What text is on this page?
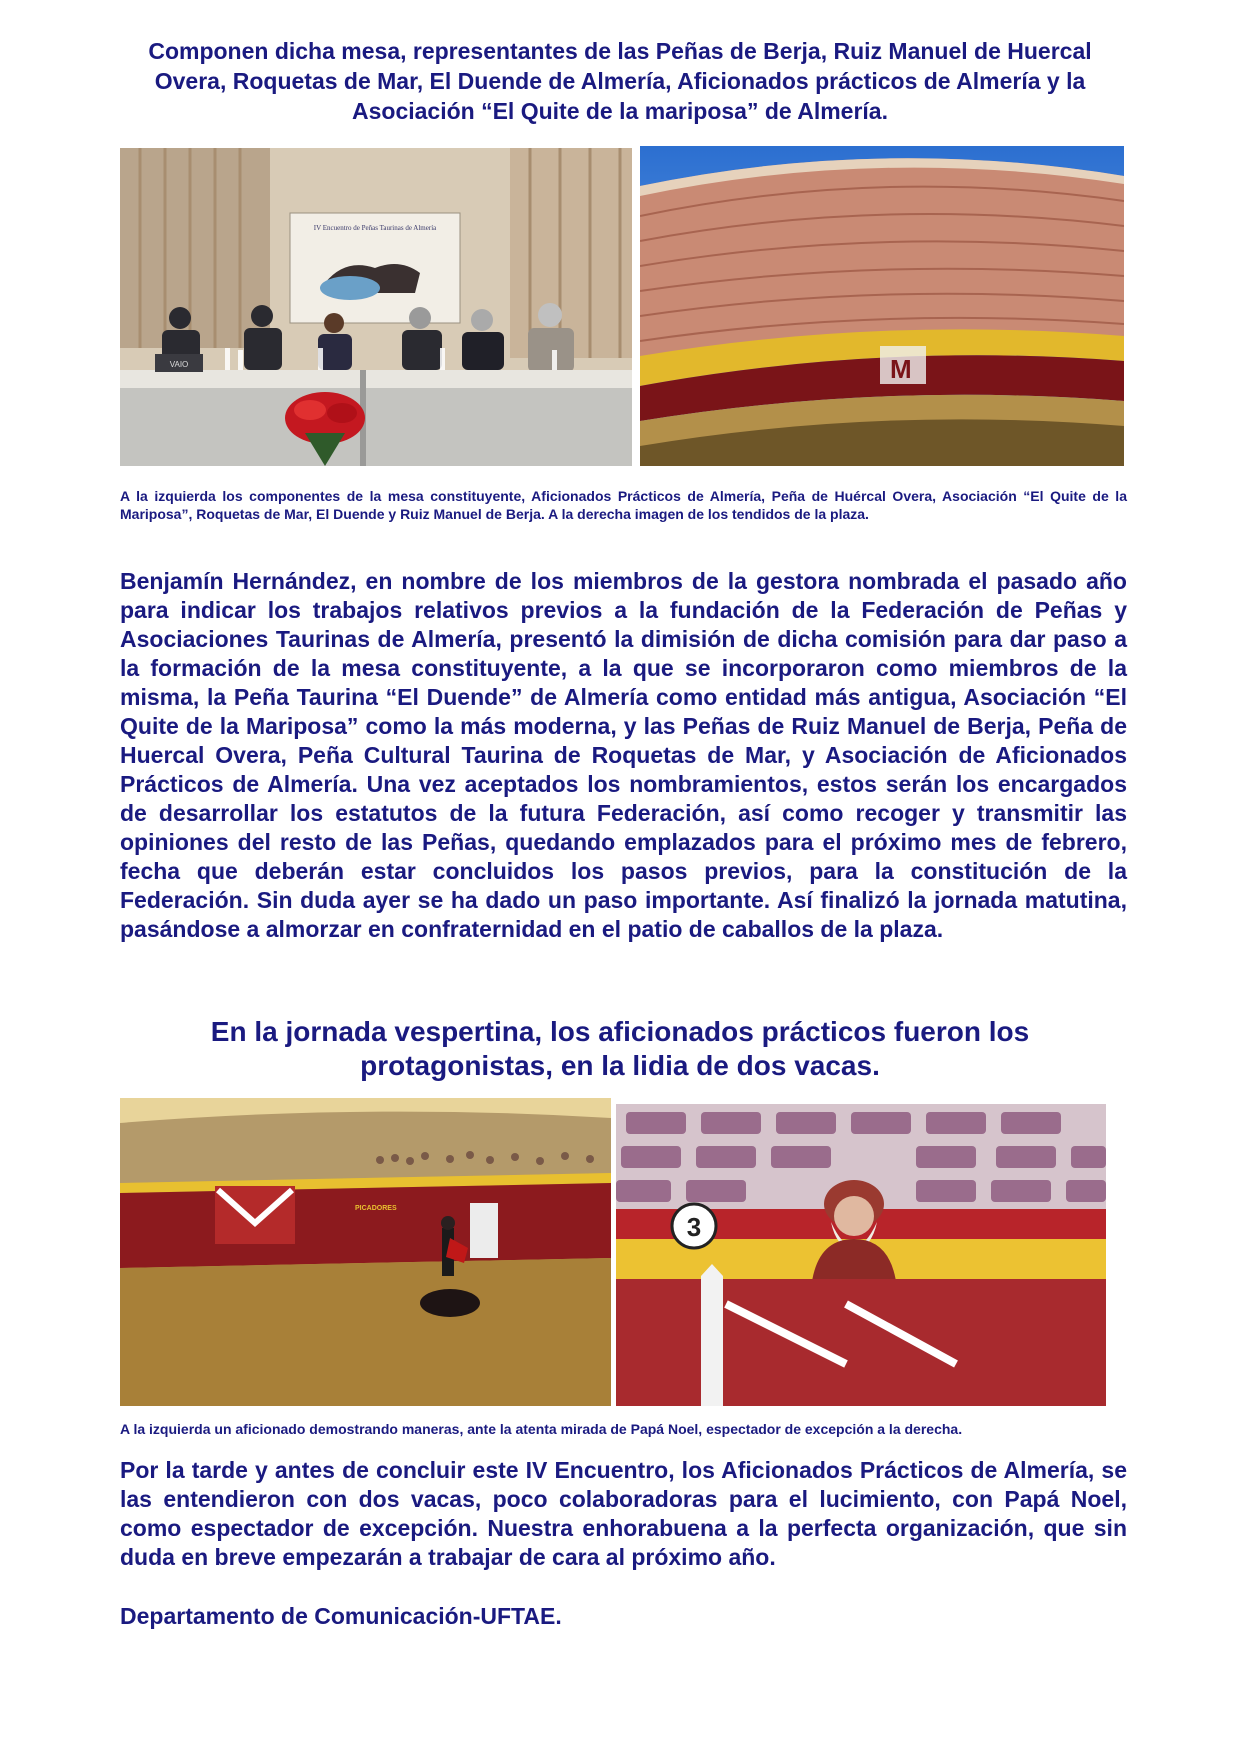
Componen dicha mesa, representantes de las Peñas de Berja, Ruiz Manuel de Huercal Overa, Roquetas de Mar, El Duende de Almería, Aficionados prácticos de Almería y la Asociación “El Quite de la mariposa” de Almería.
IV Encuentro de Peñas Taurinas de Almería
VAIO	M
A la izquierda los componentes de la mesa constituyente, Aficionados Prácticos de Almería, Peña de Huércal Overa, Asociación “El Quite de la Mariposa”, Roquetas de Mar, El Duende y Ruiz Manuel de Berja. A la derecha imagen de los tendidos de la plaza.
Benjamín Hernández, en nombre de los miembros de la gestora nombrada el pasado año para indicar los trabajos relativos previos a la fundación de la Federación de Peñas y Asociaciones Taurinas de Almería, presentó la dimisión de dicha comisión para dar paso a la formación de la mesa constituyente, a la que se incorporaron como miembros de la misma, la Peña Taurina “El Duende” de Almería como entidad más antigua, Asociación “El Quite de la Mariposa” como la más moderna, y las Peñas de Ruiz Manuel de Berja, Peña de Huercal Overa, Peña Cultural Taurina de Roquetas de Mar, y Asociación de Aficionados Prácticos de Almería. Una vez aceptados los nombramientos, estos serán los encargados de desarrollar los estatutos de la futura Federación, así como recoger y transmitir las opiniones del resto de las Peñas, quedando emplazados para el próximo mes de febrero, fecha que deberán estar concluidos los pasos previos, para la constitución de la Federación. Sin duda ayer se ha dado un paso importante. Así finalizó la jornada matutina, pasándose a almorzar en confraternidad en el patio de caballos de la plaza.
En la jornada vespertina, los aficionados prácticos fueron los protagonistas, en la lidia de dos vacas.
PICADORES
3
A la izquierda un aficionado demostrando maneras, ante la atenta mirada de Papá Noel, espectador de excepción a la derecha.
Por la tarde y antes de concluir este IV Encuentro, los Aficionados Prácticos de Almería, se las entendieron con dos vacas, poco colaboradoras para el lucimiento, con Papá Noel, como espectador de excepción. Nuestra enhorabuena a la perfecta organización, que sin duda en breve empezarán a trabajar de cara al próximo año.
Departamento de Comunicación-UFTAE.
